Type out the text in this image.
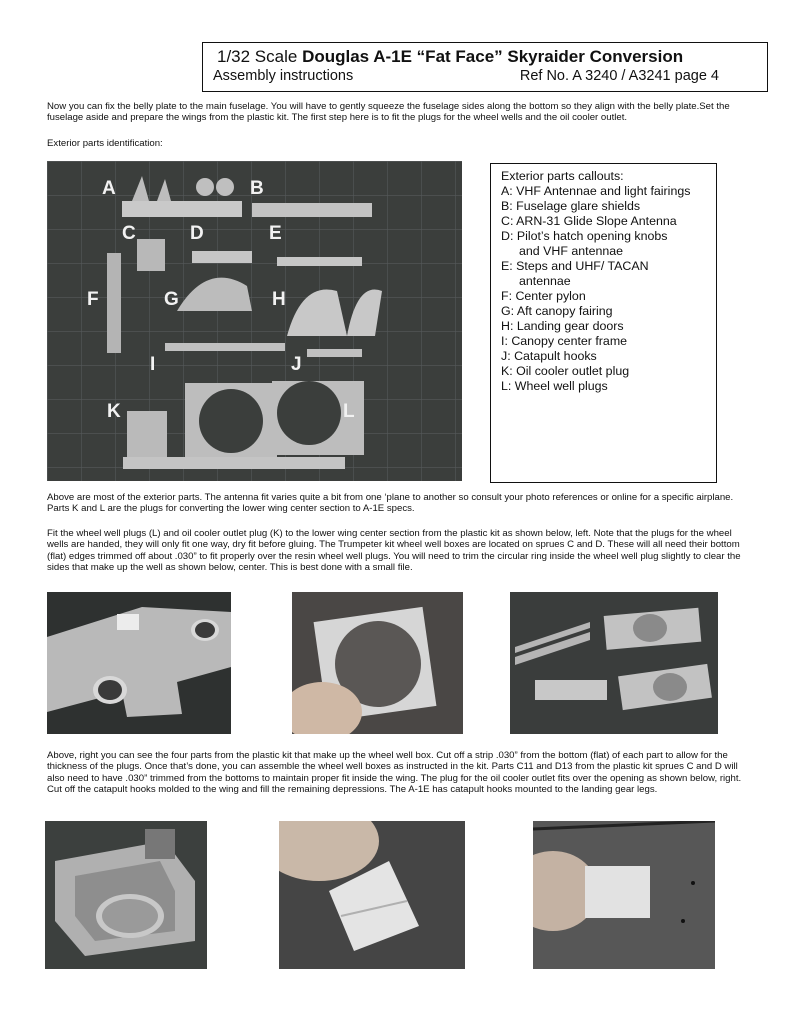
1/32 Scale Douglas A-1E “Fat Face” Skyraider Conversion
Assembly instructions	Ref No. A 3240 / A3241 page 4
Now you can fix the belly plate to the main fuselage. You will have to gently squeeze the fuselage sides along the bottom so they align with the belly plate.Set the fuselage aside and prepare the wings from the plastic kit. The first step here is to fit the plugs for the wheel wells and the oil cooler outlet.
Exterior parts identification:
A	B
C	D	E
F	G	H
I	J
K	L
Exterior parts callouts:
A: VHF Antennae and light fairings
B: Fuselage glare shields
C: ARN-31 Glide Slope Antenna
D: Pilot’s hatch opening knobs
and VHF antennae
E: Steps and UHF/ TACAN
antennae
F: Center pylon
G: Aft canopy fairing
H: Landing gear doors
I: Canopy center frame
J: Catapult hooks
K: Oil cooler outlet plug
L: Wheel well plugs
Above are most of the exterior parts. The antenna fit varies quite a bit from one ‘plane to another so consult your photo references or online for a specific airplane. Parts K and L are the plugs for converting the lower wing center section to A-1E specs.
Fit the wheel well plugs (L) and oil cooler outlet plug (K) to the lower wing center section from the plastic kit as shown below, left. Note that the plugs for the wheel wells are handed, they will only fit one way, dry fit before gluing. The Trumpeter kit wheel well boxes are located on sprues C and D. These will all need their bottom (flat) edges trimmed off about .030” to fit properly over the resin wheel well plugs. You will need to trim the circular ring inside the wheel well plug slightly to clear the sides that make up the well as shown below, center. This is best done with a small file.
Above, right you can see the four parts from the plastic kit that make up the wheel well box. Cut off a strip .030” from the bottom (flat) of each part to allow for the thickness of the plugs. Once that’s done, you can assemble the wheel well boxes as instructed in the kit. Parts C11 and D13 from the plastic kit sprues C and D will also need to have .030” trimmed from the bottoms to maintain proper fit inside the wing. The plug for the oil cooler outlet fits over the opening as shown below, right. Cut off the catapult hooks molded to the wing and fill the remaining depressions. The A-1E has catapult hooks mounted to the landing gear legs.
